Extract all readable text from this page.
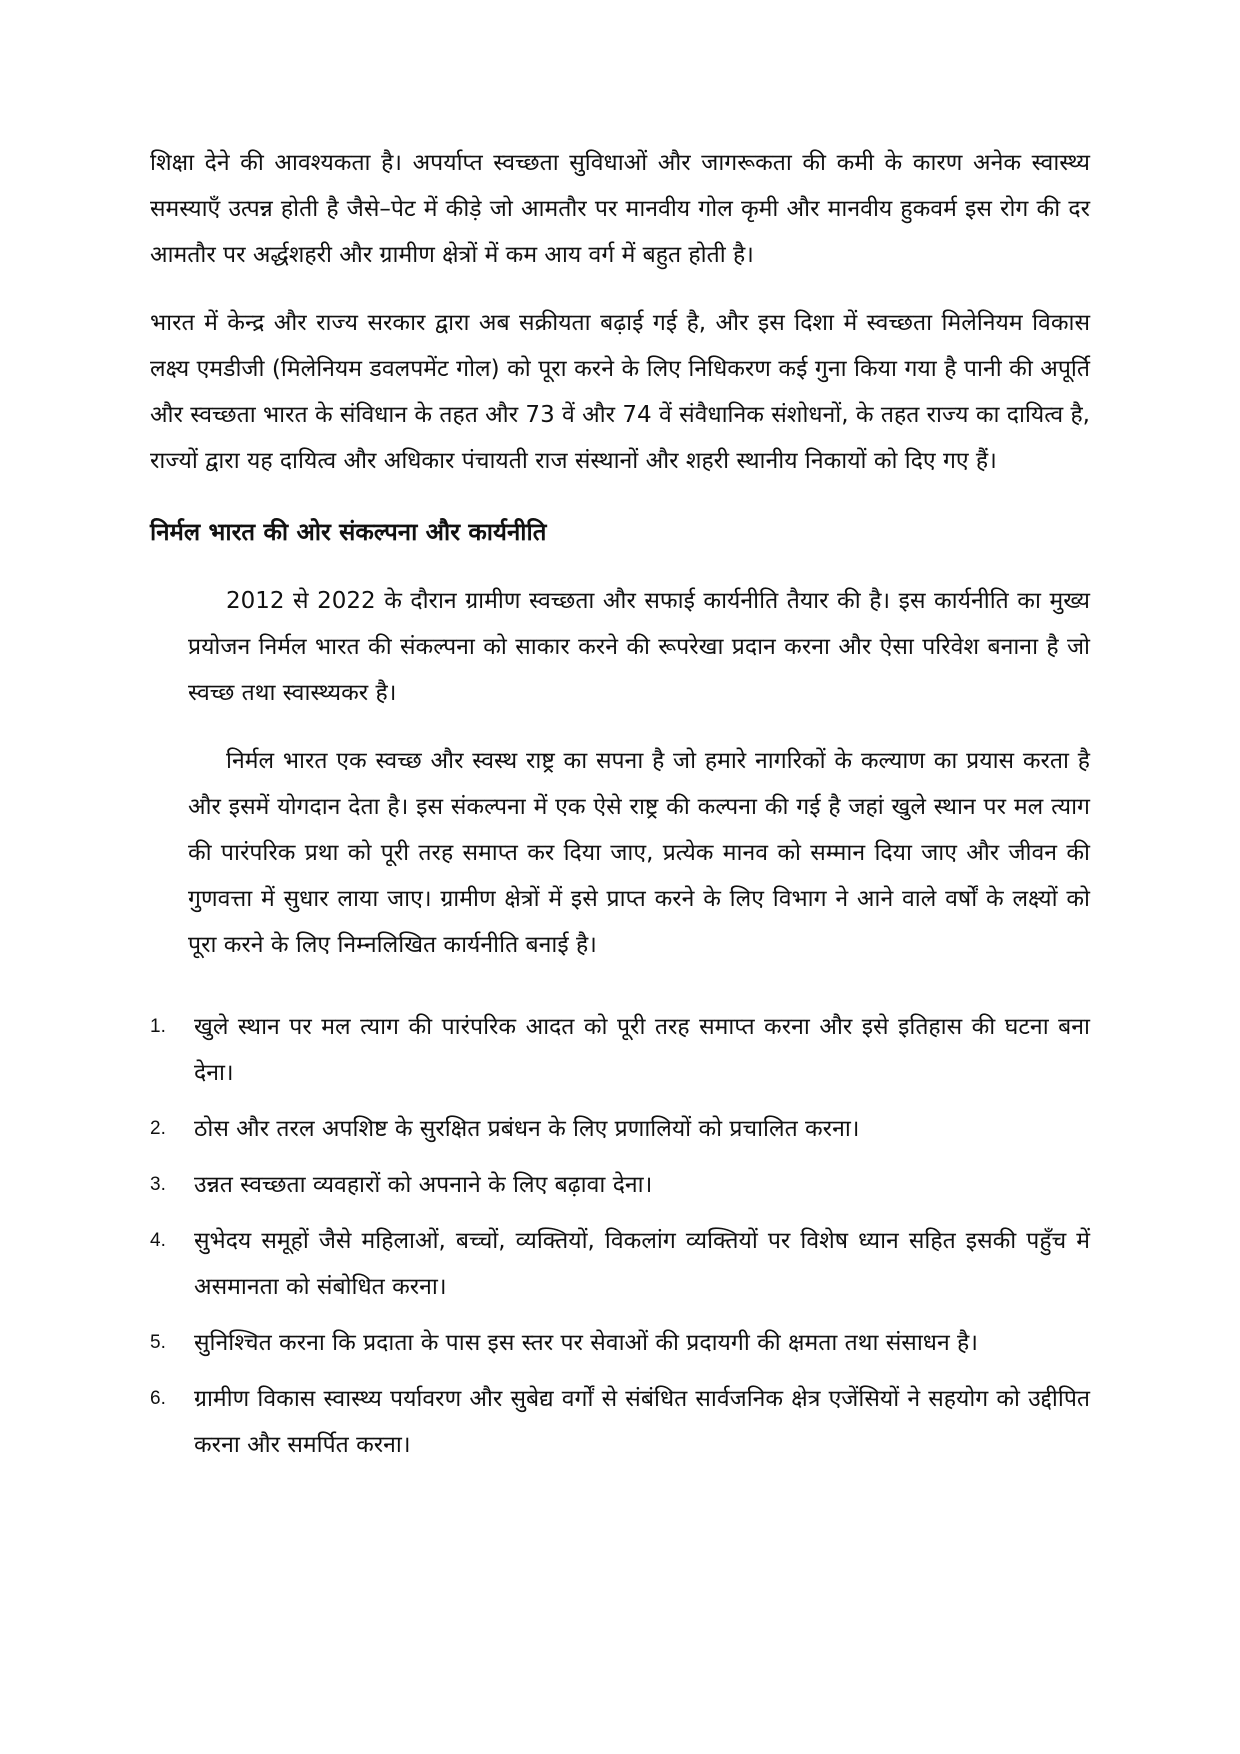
शिक्षा देने की आवश्यकता है। अपर्याप्त स्वच्छता सुविधाओं और जागरूकता की कमी के कारण अनेक स्वास्थ्य समस्याएँ उत्पन्न होती है जैसे–पेट में कीड़े जो आमतौर पर मानवीय गोल कृमी और मानवीय हुकवर्म इस रोग की दर आमतौर पर अर्द्धशहरी और ग्रामीण क्षेत्रों में कम आय वर्ग में बहुत होती है।

भारत में केन्द्र और राज्य सरकार द्वारा अब सक्रीयता बढ़ाई गई है, और इस दिशा में स्वच्छता मिलेनियम विकास लक्ष्य एमडीजी (मिलेनियम डवलपमेंट गोल) को पूरा करने के लिए निधिकरण कई गुना किया गया है पानी की अपूर्ति और स्वच्छता भारत के संविधान के तहत और 73 वें और 74 वें संवैधानिक संशोधनों, के तहत राज्य का दायित्व है, राज्यों द्वारा यह दायित्व और अधिकार पंचायती राज संस्थानों और शहरी स्थानीय निकायों को दिए गए हैं।

निर्मल भारत की ओर संकल्पना और कार्यनीति

2012 से 2022 के दौरान ग्रामीण स्वच्छता और सफाई कार्यनीति तैयार की है। इस कार्यनीति का मुख्य प्रयोजन निर्मल भारत की संकल्पना को साकार करने की रूपरेखा प्रदान करना और ऐसा परिवेश बनाना है जो स्वच्छ तथा स्वास्थ्यकर है।

निर्मल भारत एक स्वच्छ और स्वस्थ राष्ट्र का सपना है जो हमारे नागरिकों के कल्याण का प्रयास करता है और इसमें योगदान देता है। इस संकल्पना में एक ऐसे राष्ट्र की कल्पना की गई है जहां खुले स्थान पर मल त्याग की पारंपरिक प्रथा को पूरी तरह समाप्त कर दिया जाए, प्रत्येक मानव को सम्मान दिया जाए और जीवन की गुणवत्ता में सुधार लाया जाए। ग्रामीण क्षेत्रों में इसे प्राप्त करने के लिए विभाग ने आने वाले वर्षों के लक्ष्यों को पूरा करने के लिए निम्नलिखित कार्यनीति बनाई है।

1.	खुले स्थान पर मल त्याग की पारंपरिक आदत को पूरी तरह समाप्त करना और इसे इतिहास की घटना बना देना।
2.	ठोस और तरल अपशिष्ट के सुरक्षित प्रबंधन के लिए प्रणालियों को प्रचालित करना।
3.	उन्नत स्वच्छता व्यवहारों को अपनाने के लिए बढ़ावा देना।
4.	सुभेदय समूहों जैसे महिलाओं, बच्चों, व्यक्तियों, विकलांग व्यक्तियों पर विशेष ध्यान सहित इसकी पहुँच में असमानता को संबोधित करना।
5.	सुनिश्चित करना कि प्रदाता के पास इस स्तर पर सेवाओं की प्रदायगी की क्षमता तथा संसाधन है।
6.	ग्रामीण विकास स्वास्थ्य पर्यावरण और सुबेद्य वर्गों से संबंधित सार्वजनिक क्षेत्र एजेंसियों ने सहयोग को उद्दीपित करना और समर्पित करना।
